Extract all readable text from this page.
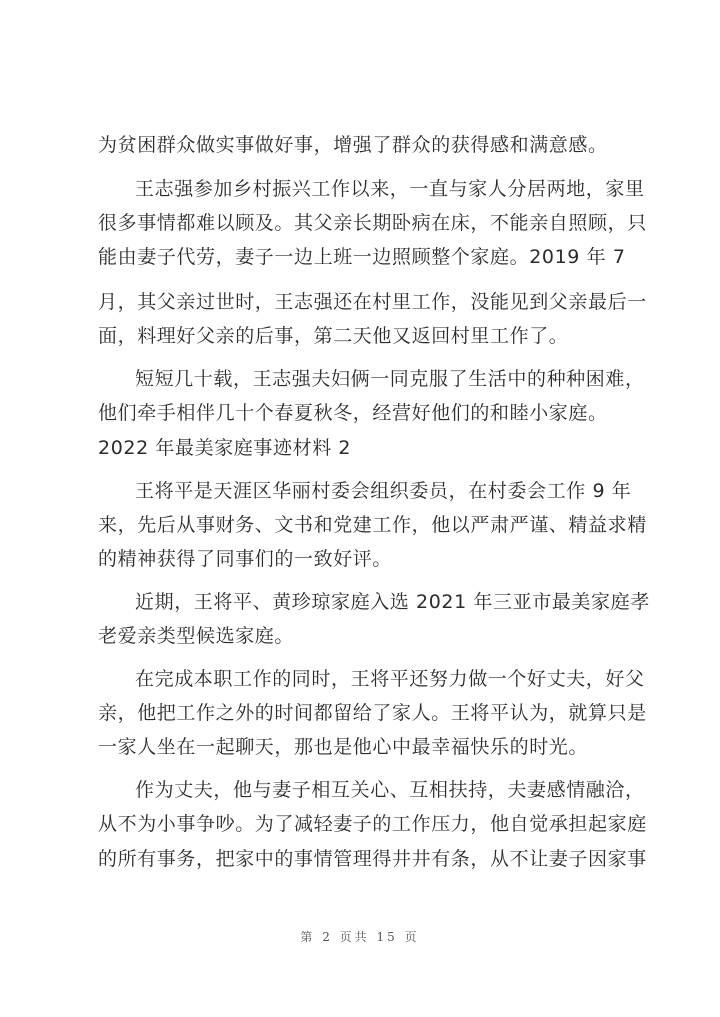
为贫困群众做实事做好事，增强了群众的获得感和满意感。
王志强参加乡村振兴工作以来，一直与家人分居两地，家里
很多事情都难以顾及。其父亲长期卧病在床，不能亲自照顾，只
能由妻子代劳，妻子一边上班一边照顾整个家庭。2019 年 7
月，其父亲过世时，王志强还在村里工作，没能见到父亲最后一
面，料理好父亲的后事，第二天他又返回村里工作了。
短短几十载，王志强夫妇俩一同克服了生活中的种种困难，
他们牵手相伴几十个春夏秋冬，经营好他们的和睦小家庭。
2022 年最美家庭事迹材料 2
王将平是天涯区华丽村委会组织委员，在村委会工作 9 年
来，先后从事财务、文书和党建工作，他以严肃严谨、精益求精
的精神获得了同事们的一致好评。
近期，王将平、黄珍琼家庭入选 2021 年三亚市最美家庭孝
老爱亲类型候选家庭。
在完成本职工作的同时，王将平还努力做一个好丈夫，好父
亲，他把工作之外的时间都留给了家人。王将平认为，就算只是
一家人坐在一起聊天，那也是他心中最幸福快乐的时光。
作为丈夫，他与妻子相互关心、互相扶持，夫妻感情融洽，
从不为小事争吵。为了减轻妻子的工作压力，他自觉承担起家庭
的所有事务，把家中的事情管理得井井有条，从不让妻子因家事
第 2 页共 15 页
